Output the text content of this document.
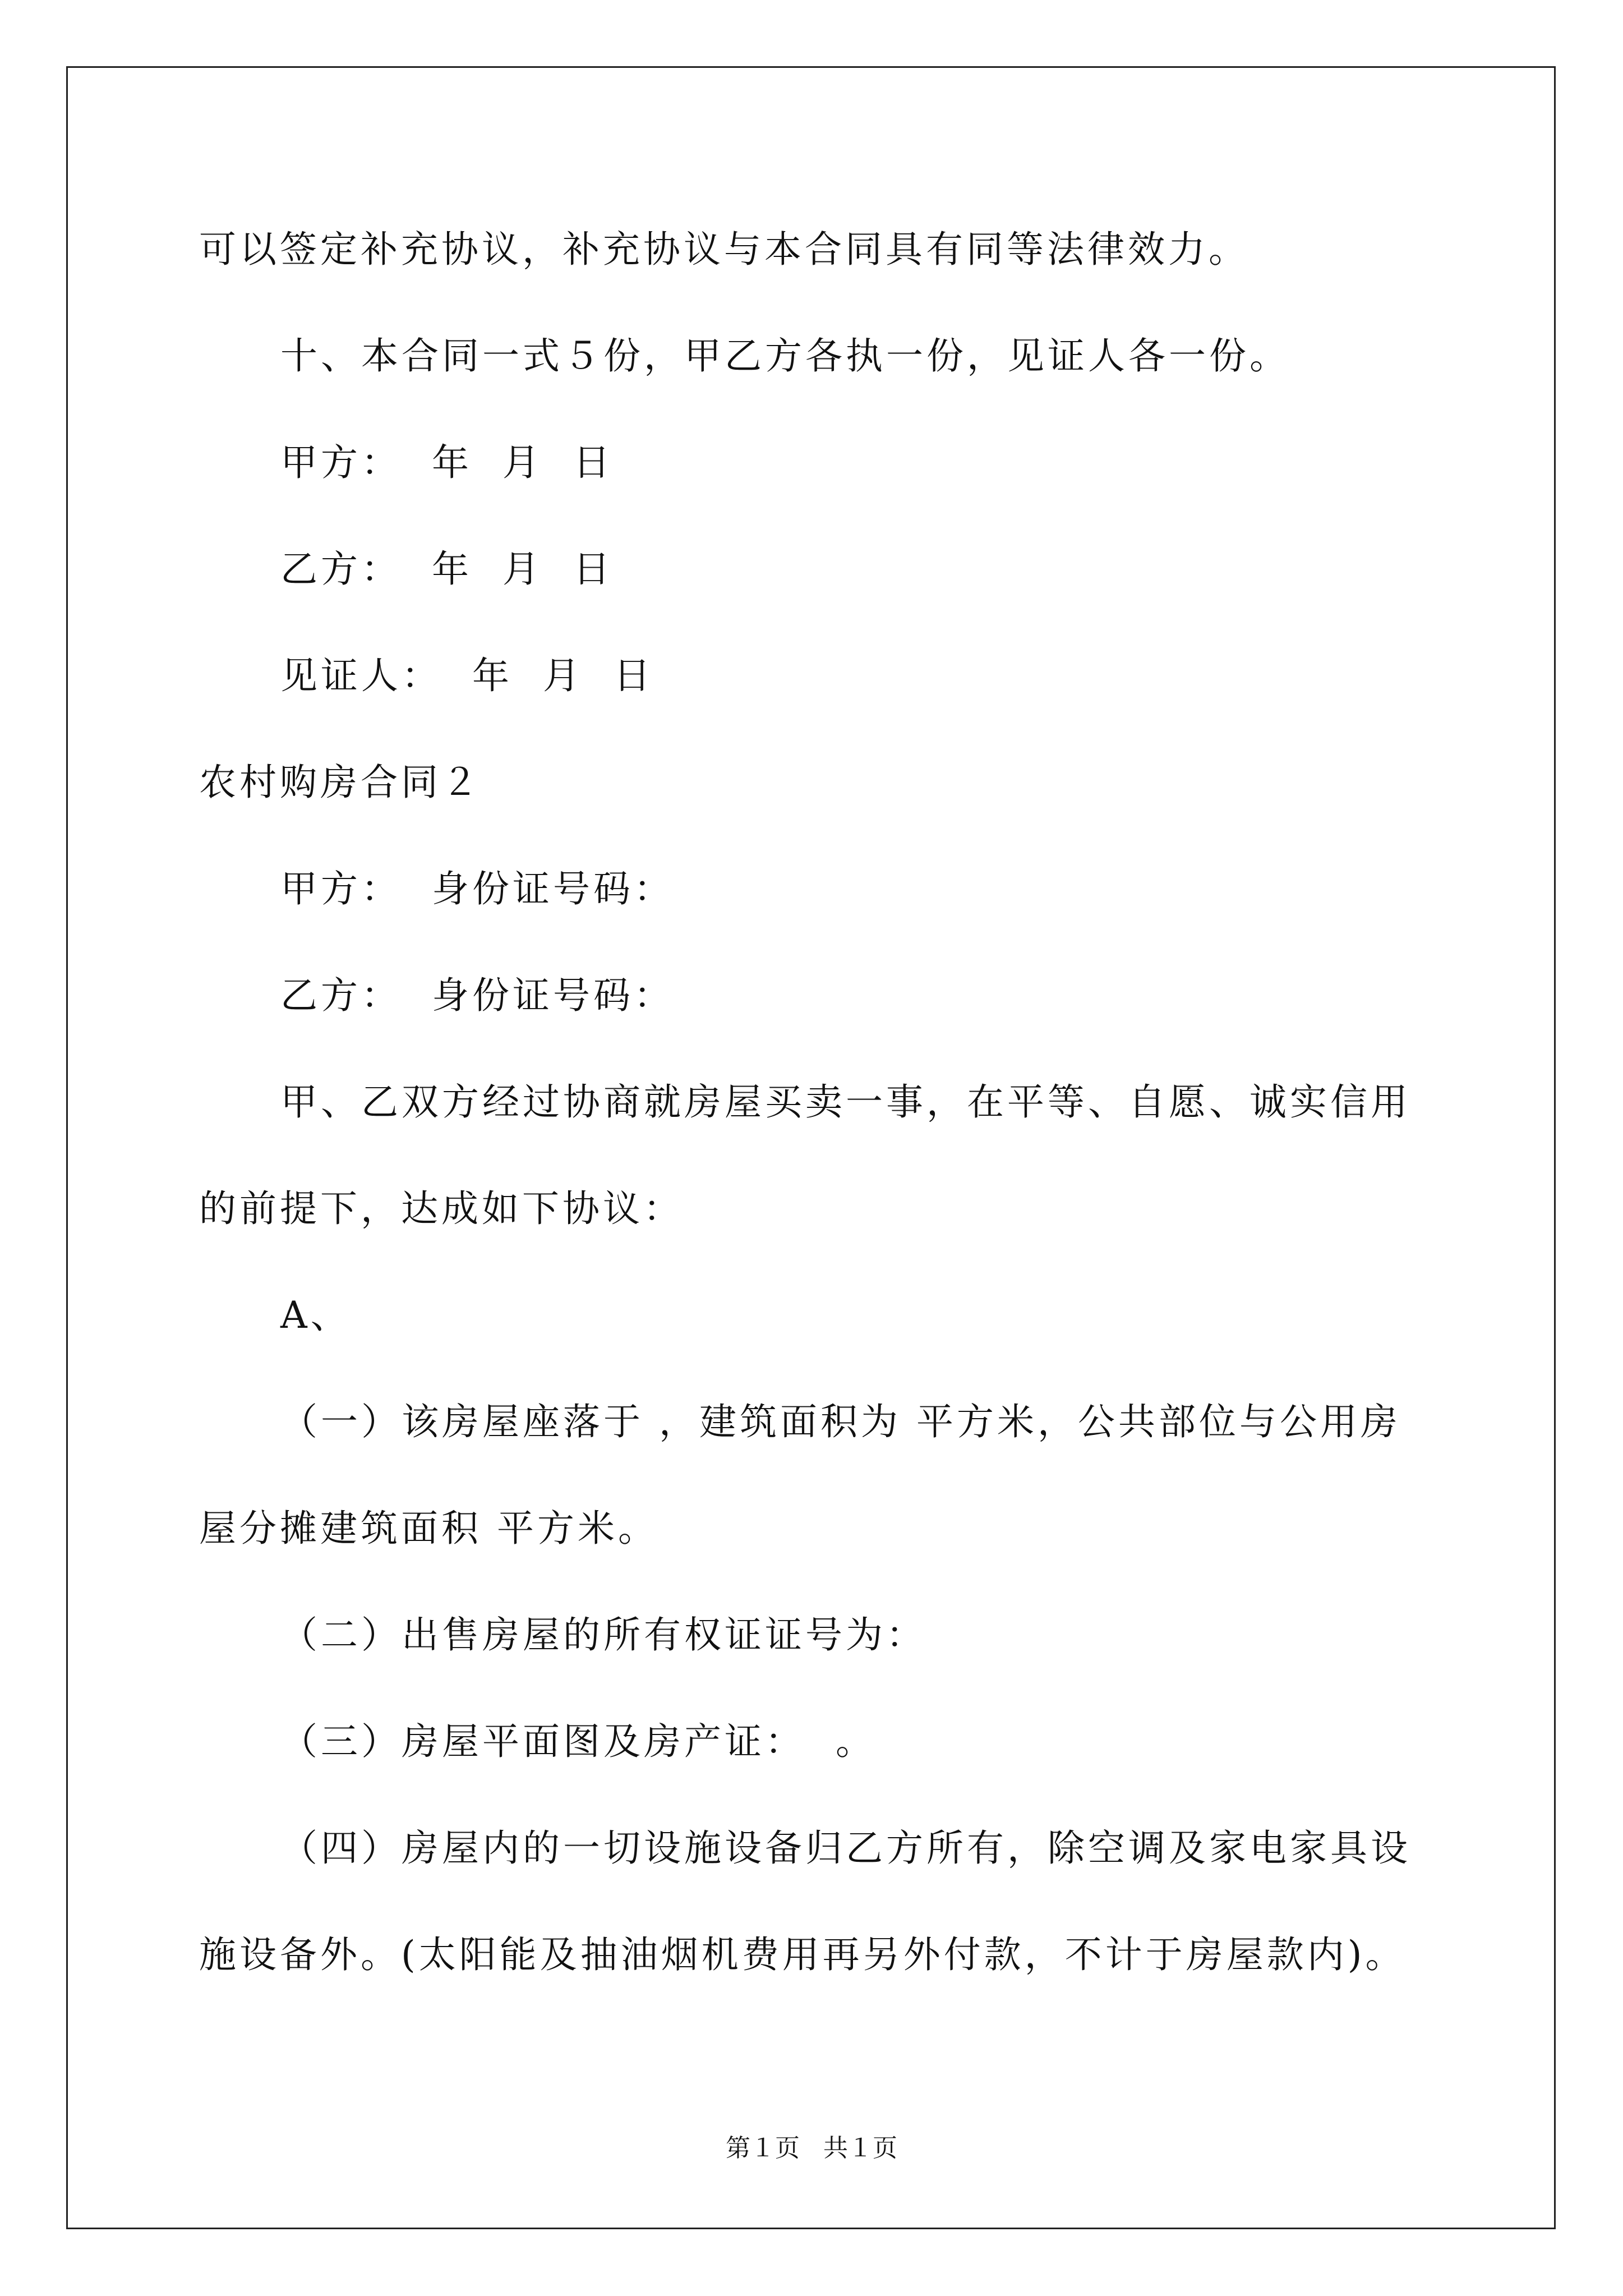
可以签定补充协议，补充协议与本合同具有同等法律效力。
十、本合同一式５份，甲乙方各执一份，见证人各一份。
甲方：  年  月  日
乙方：  年  月  日
见证人：  年  月  日
农村购房合同２
甲方：  身份证号码：
乙方：  身份证号码：
甲、乙双方经过协商就房屋买卖一事，在平等、自愿、诚实信用
的前提下，达成如下协议：
A、
（一）该房屋座落于 ，建筑面积为 平方米，公共部位与公用房
屋分摊建筑面积 平方米。
（二）出售房屋的所有权证证号为：
（三）房屋平面图及房产证：  。
（四）房屋内的一切设施设备归乙方所有，除空调及家电家具设
施设备外。(太阳能及抽油烟机费用再另外付款，不计于房屋款内)。
第１页   共１页
